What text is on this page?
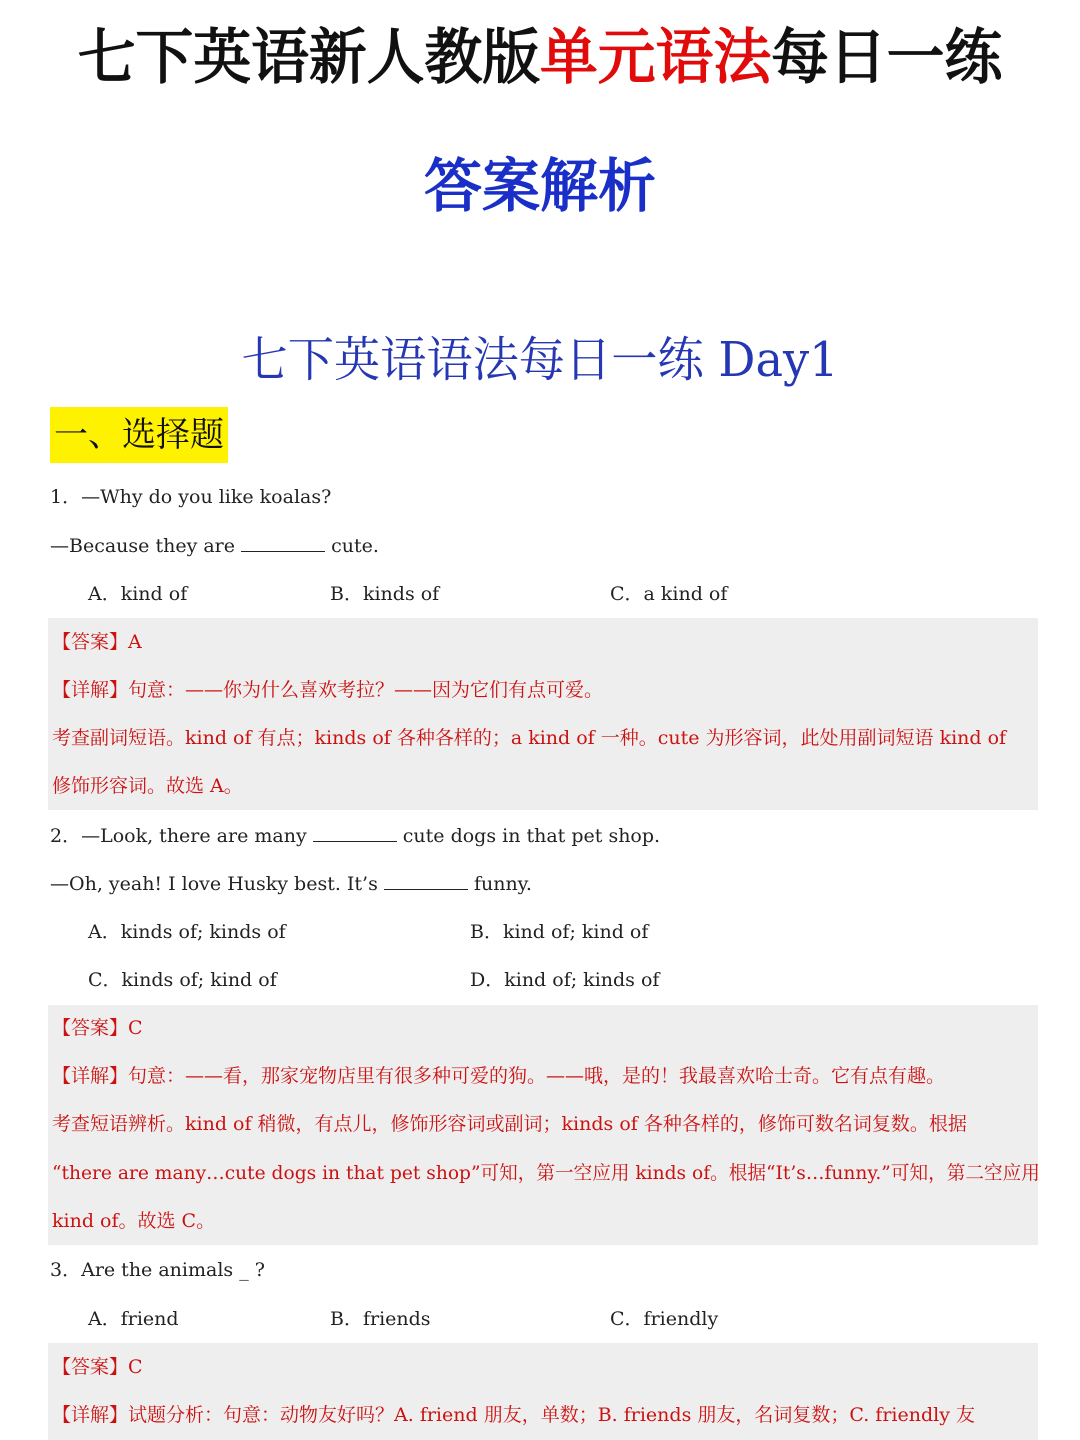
七下英语新人教版单元语法每日一练
答案解析
七下英语语法每日一练 Day1
一、选择题
1．—Why do you like koalas?
—Because they are	cute.
A．kind of	B．kinds of	C．a kind of
【答案】A
【详解】句意：——你为什么喜欢考拉？——因为它们有点可爱。
考查副词短语。kind of 有点；kinds of 各种各样的；a kind of 一种。cute 为形容词，此处用副词短语 kind of
修饰形容词。故选 A。
2．—Look, there are many	cute dogs in that pet shop.
—Oh, yeah! I love Husky best. It’s	funny.
A．kinds of; kinds of	B．kind of; kind of
C．kinds of; kind of	D．kind of; kinds of
【答案】C
【详解】句意：——看，那家宠物店里有很多种可爱的狗。——哦，是的！我最喜欢哈士奇。它有点有趣。
考查短语辨析。kind of 稍微，有点儿，修饰形容词或副词；kinds of 各种各样的，修饰可数名词复数。根据
“there are many…cute dogs in that pet shop”可知，第一空应用 kinds of。根据“It’s…funny.”可知，第二空应用
kind of。故选 C。
3．Are the animals _ ?
A．friend	B．friends	C．friendly
【答案】C
【详解】试题分析：句意：动物友好吗？A. friend 朋友，单数；B. friends 朋友，名词复数；C. friendly 友
